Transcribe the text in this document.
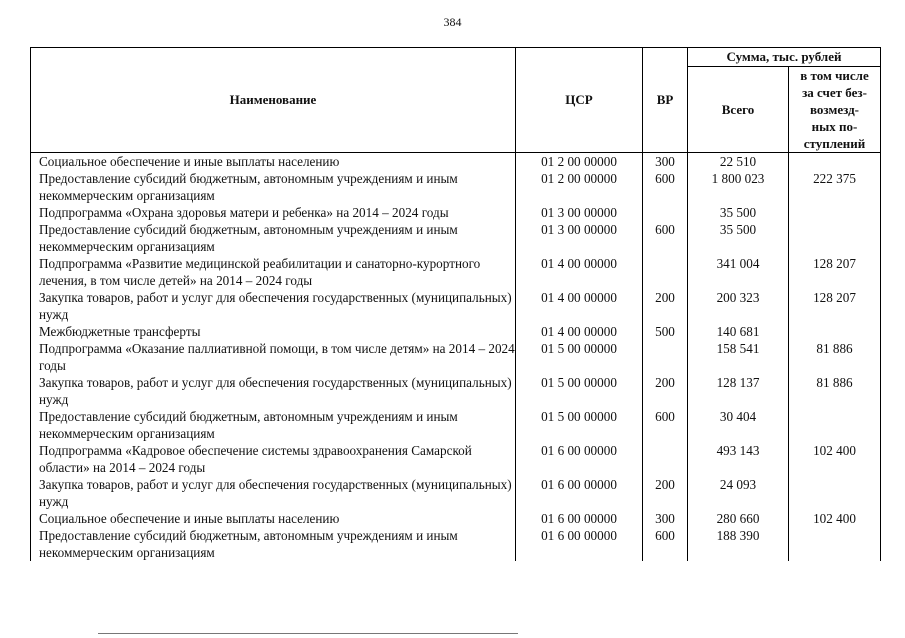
384
Наименование	ЦСР	ВР	Сумма, тыс. рублей	
			Всего	в том числе
за счет без-
возмезд-
ных по-
ступлений

Социальное обеспечение и иные выплаты населению	01 2 00 00000	300	22 510	
Предоставление субсидий бюджетным, автономным учреждениям и иным некоммерческим организациям	01 2 00 00000	600	1 800 023	222 375
Подпрограмма «Охрана здоровья матери и ребенка» на 2014 – 2024 годы	01 3 00 00000		35 500	
Предоставление субсидий бюджетным, автономным учреждениям и иным некоммерческим организациям	01 3 00 00000	600	35 500	
Подпрограмма «Развитие медицинской реабилитации и санаторно-курортного лечения, в том числе детей» на 2014 – 2024 годы	01 4 00 00000		341 004	128 207
Закупка товаров, работ и услуг для обеспечения государственных (муниципальных) нужд	01 4 00 00000	200	200 323	128 207
Межбюджетные трансферты	01 4 00 00000	500	140 681	
Подпрограмма «Оказание паллиативной помощи, в том числе детям» на 2014 – 2024 годы	01 5 00 00000		158 541	81 886
Закупка товаров, работ и услуг для обеспечения государственных (муниципальных) нужд	01 5 00 00000	200	128 137	81 886
Предоставление субсидий бюджетным, автономным учреждениям и иным некоммерческим организациям	01 5 00 00000	600	30 404	
Подпрограмма «Кадровое обеспечение системы здравоохранения Самарской области» на 2014 – 2024 годы	01 6 00 00000		493 143	102 400
Закупка товаров, работ и услуг для обеспечения государственных (муниципальных) нужд	01 6 00 00000	200	24 093	
Социальное обеспечение и иные выплаты населению	01 6 00 00000	300	280 660	102 400
Предоставление субсидий бюджетным, автономным учреждениям и иным некоммерческим организациям	01 6 00 00000	600	188 390	
